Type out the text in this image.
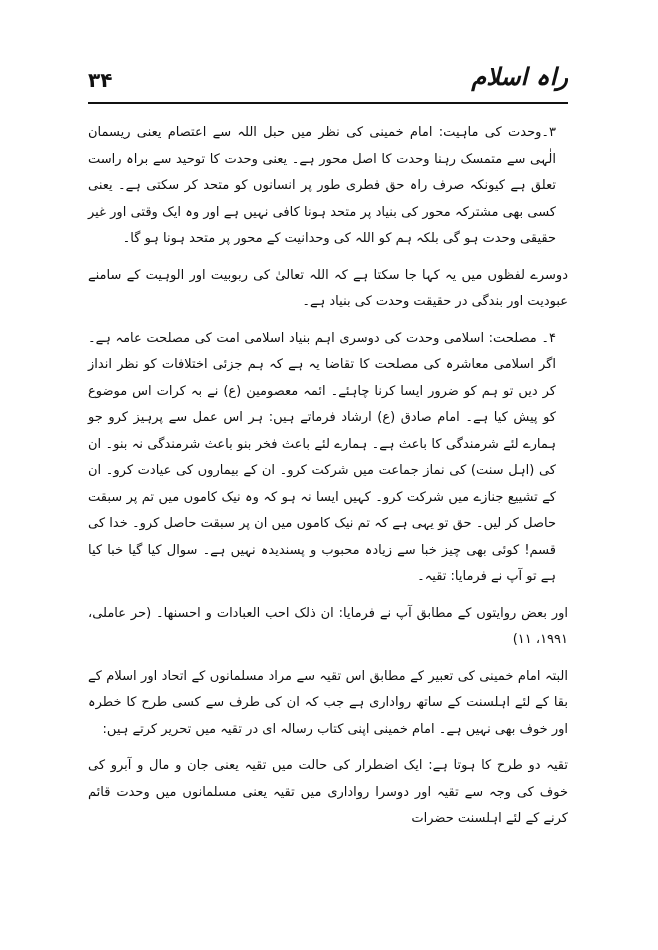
۳۴	راہ اسلام

۳۔وحدت کی ماہیت: امام خمینی کی نظر میں حبل اللہ سے اعتصام یعنی ریسمان الٰہی سے متمسک رہنا وحدت کا اصل محور ہے۔ یعنی وحدت کا توحید سے براہ راست تعلق ہے کیونکہ صرف راہ حق فطری طور پر انسانوں کو متحد کر سکتی ہے۔ یعنی کسی بھی مشترکہ محور کی بنیاد پر متحد ہونا کافی نہیں ہے اور وہ ایک وقتی اور غیر حقیقی وحدت ہو گی بلکہ ہم کو اللہ کی وحدانیت کے محور پر متحد ہونا ہو گا۔

دوسرے لفظوں میں یہ کہا جا سکتا ہے کہ اللہ تعالیٰ کی ربوبیت اور الوہیت کے سامنے عبودیت اور بندگی در حقیقت وحدت کی بنیاد ہے۔

۴۔ مصلحت: اسلامی وحدت کی دوسری اہم بنیاد اسلامی امت کی مصلحت عامہ ہے۔ اگر اسلامی معاشرہ کی مصلحت کا تقاضا یہ ہے کہ ہم جزئی اختلافات کو نظر انداز کر دیں تو ہم کو ضرور ایسا کرنا چاہئے۔ ائمہ معصومین (ع) نے بہ کرات اس موضوع کو پیش کیا ہے۔ امام صادق (ع) ارشاد فرماتے ہیں: ہر اس عمل سے پرہیز کرو جو ہمارے لئے شرمندگی کا باعث ہے۔ ہمارے لئے باعث فخر بنو باعث شرمندگی نہ بنو۔ ان کی (اہل سنت) کی نماز جماعت میں شرکت کرو۔ ان کے بیماروں کی عیادت کرو۔ ان کے تشییع جنازے میں شرکت کرو۔ کہیں ایسا نہ ہو کہ وہ نیک کاموں میں تم پر سبقت حاصل کر لیں۔ حق تو یہی ہے کہ تم نیک کاموں میں ان پر سبقت حاصل کرو۔ خدا کی قسم! کوئی بھی چیز خبا سے زیادہ محبوب و پسندیدہ نہیں ہے۔ سوال کیا گیا خبا کیا ہے تو آپ نے فرمایا: تقیہ۔

اور بعض روایتوں کے مطابق آپ نے فرمایا: ان ذلک احب العبادات و احسنھا۔ (حر عاملی، ۱۹۹۱، ۱۱)

البتہ امام خمینی کی تعبیر کے مطابق اس تقیہ سے مراد مسلمانوں کے اتحاد اور اسلام کے بقا کے لئے اہلسنت کے ساتھ رواداری ہے جب کہ ان کی طرف سے کسی طرح کا خطرہ اور خوف بھی نہیں ہے۔ امام خمینی اپنی کتاب رسالہ ای در تقیہ میں تحریر کرتے ہیں:

تقیہ دو طرح کا ہوتا ہے: ایک اضطرار کی حالت میں تقیہ یعنی جان و مال و آبرو کی خوف کی وجہ سے تقیہ اور دوسرا رواداری میں تقیہ یعنی مسلمانوں میں وحدت قائم کرنے کے لئے اہلسنت حضرات
